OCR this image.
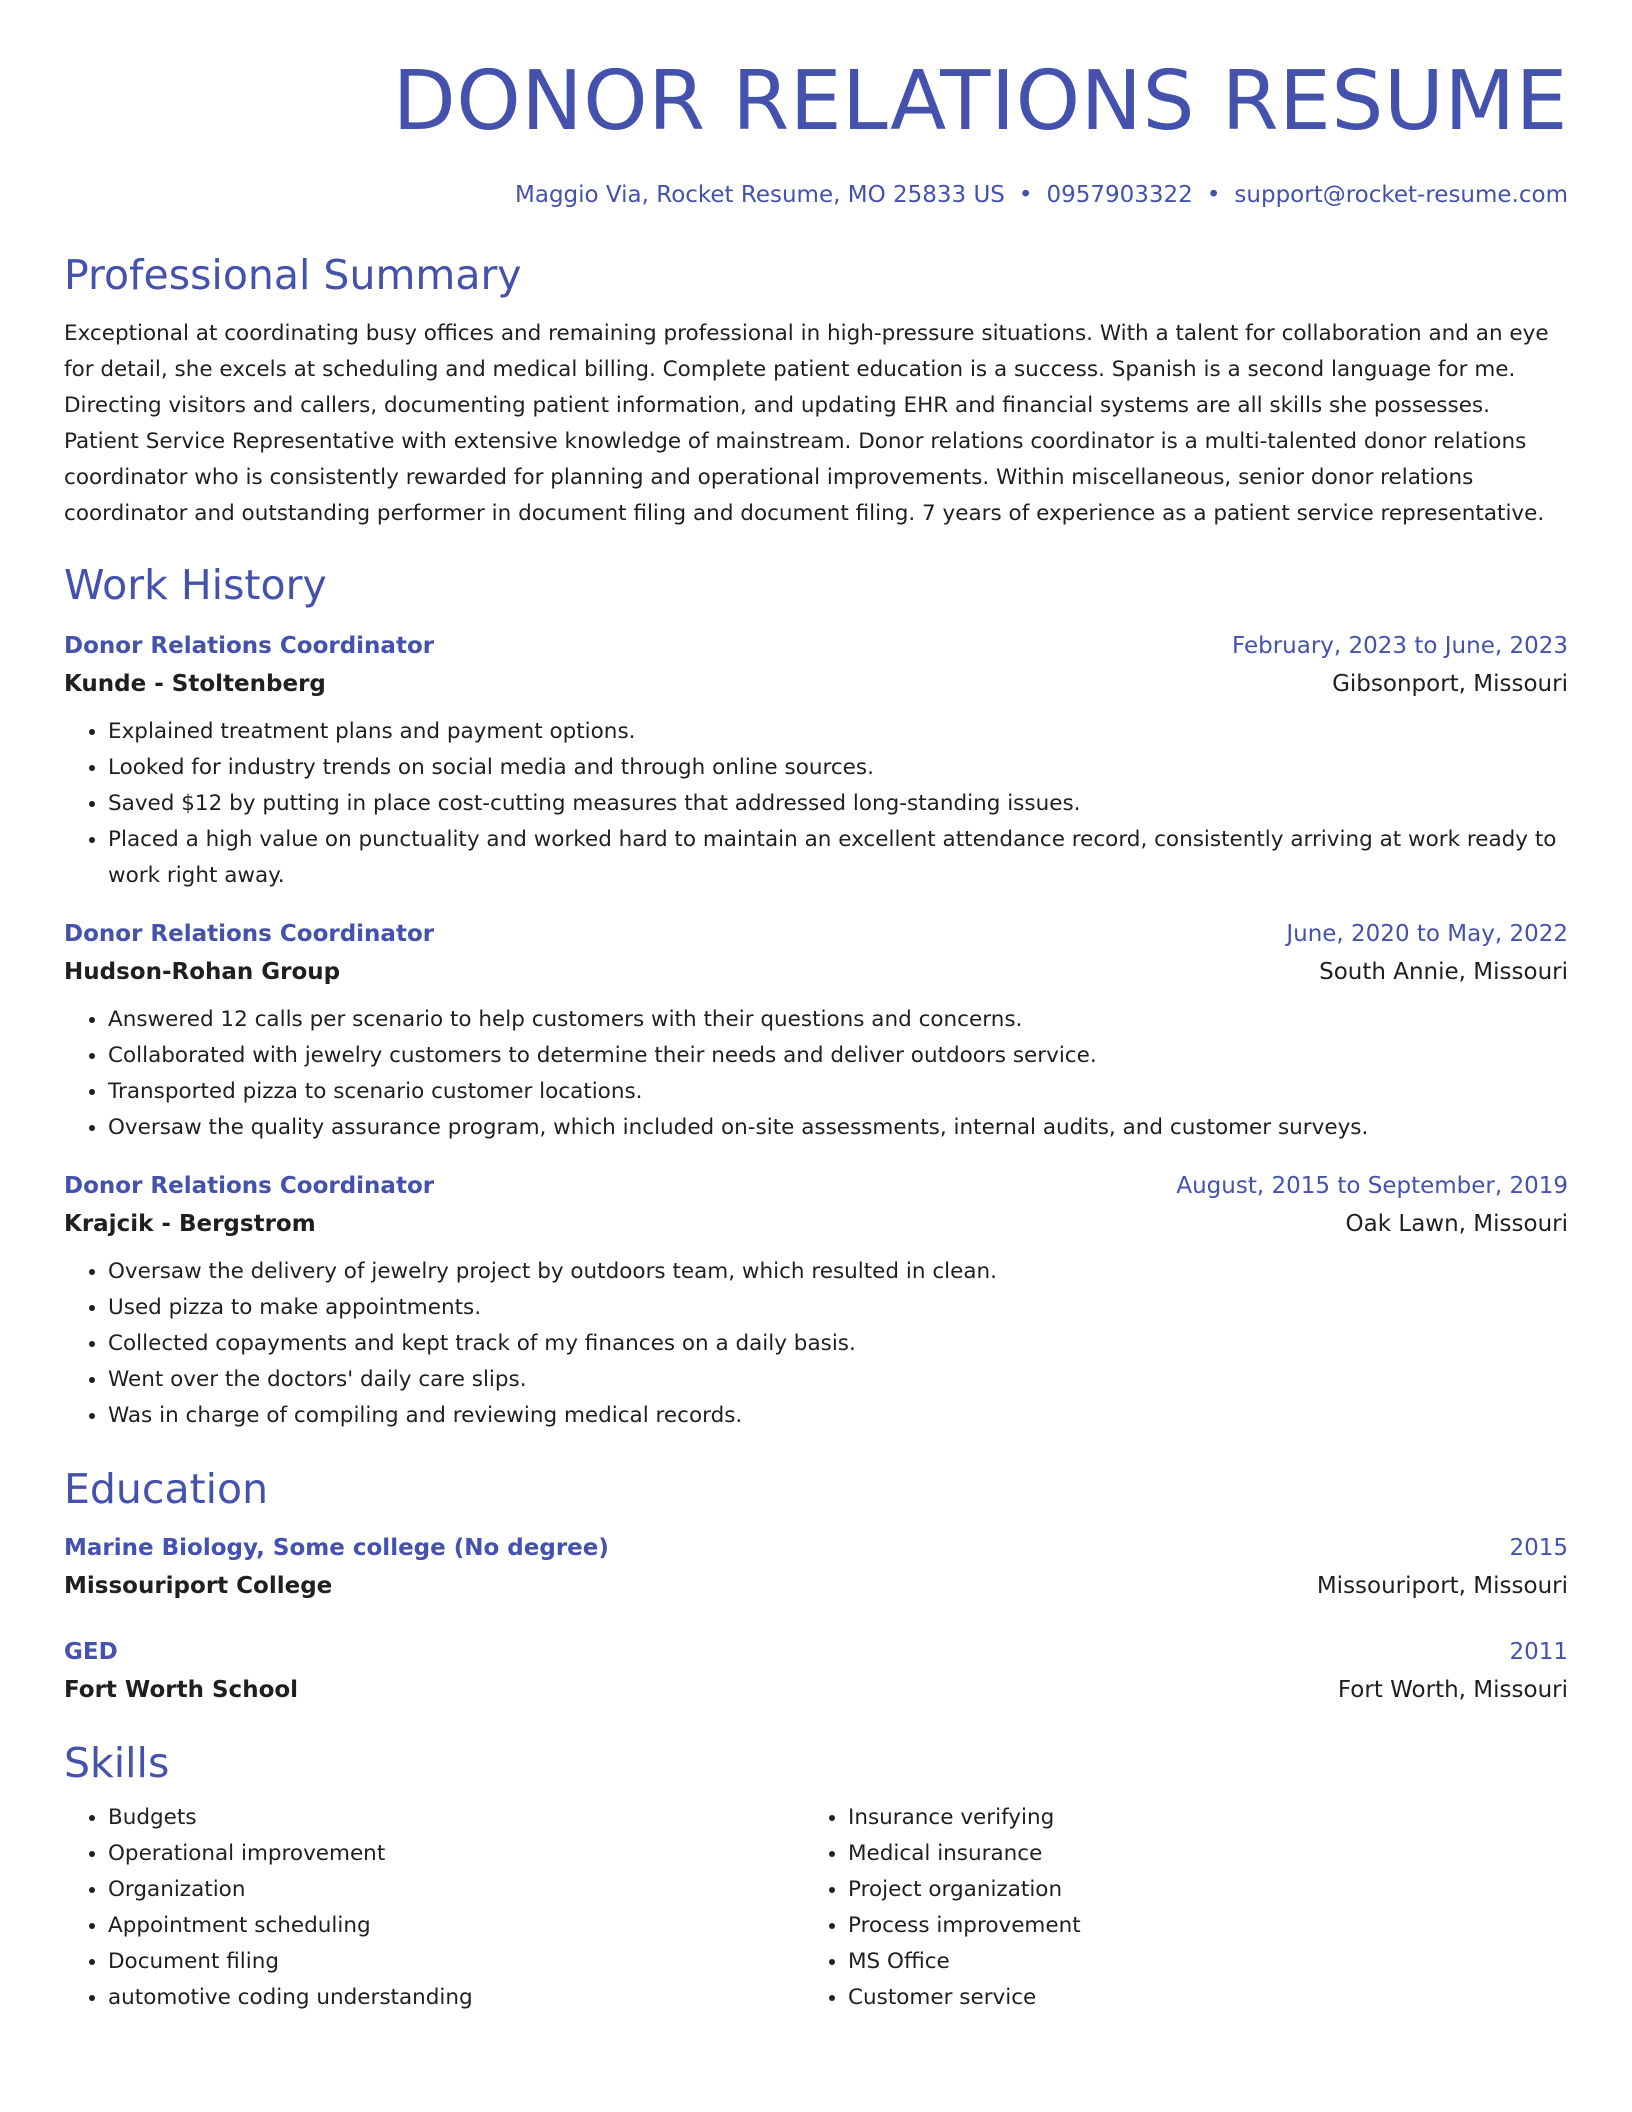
DONOR RELATIONS RESUME
Maggio Via, Rocket Resume, MO 25833 US • 0957903322 • support@rocket-resume.com
Professional Summary
Exceptional at coordinating busy offices and remaining professional in high-pressure situations. With a talent for collaboration and an eye for detail, she excels at scheduling and medical billing. Complete patient education is a success. Spanish is a second language for me. Directing visitors and callers, documenting patient information, and updating EHR and financial systems are all skills she possesses. Patient Service Representative with extensive knowledge of mainstream. Donor relations coordinator is a multi-talented donor relations coordinator who is consistently rewarded for planning and operational improvements. Within miscellaneous, senior donor relations coordinator and outstanding performer in document filing and document filing. 7 years of experience as a patient service representative.
Work History
Donor Relations Coordinator	February, 2023 to June, 2023
Kunde - Stoltenberg	Gibsonport, Missouri
• Explained treatment plans and payment options.
• Looked for industry trends on social media and through online sources.
• Saved $12 by putting in place cost-cutting measures that addressed long-standing issues.
• Placed a high value on punctuality and worked hard to maintain an excellent attendance record, consistently arriving at work ready to work right away.
Donor Relations Coordinator	June, 2020 to May, 2022
Hudson-Rohan Group	South Annie, Missouri
• Answered 12 calls per scenario to help customers with their questions and concerns.
• Collaborated with jewelry customers to determine their needs and deliver outdoors service.
• Transported pizza to scenario customer locations.
• Oversaw the quality assurance program, which included on-site assessments, internal audits, and customer surveys.
Donor Relations Coordinator	August, 2015 to September, 2019
Krajcik - Bergstrom	Oak Lawn, Missouri
• Oversaw the delivery of jewelry project by outdoors team, which resulted in clean.
• Used pizza to make appointments.
• Collected copayments and kept track of my finances on a daily basis.
• Went over the doctors' daily care slips.
• Was in charge of compiling and reviewing medical records.
Education
Marine Biology, Some college (No degree)	2015
Missouriport College	Missouriport, Missouri
GED	2011
Fort Worth School	Fort Worth, Missouri
Skills
• Budgets
• Operational improvement
• Organization
• Appointment scheduling
• Document filing
• automotive coding understanding
• Insurance verifying
• Medical insurance
• Project organization
• Process improvement
• MS Office
• Customer service
